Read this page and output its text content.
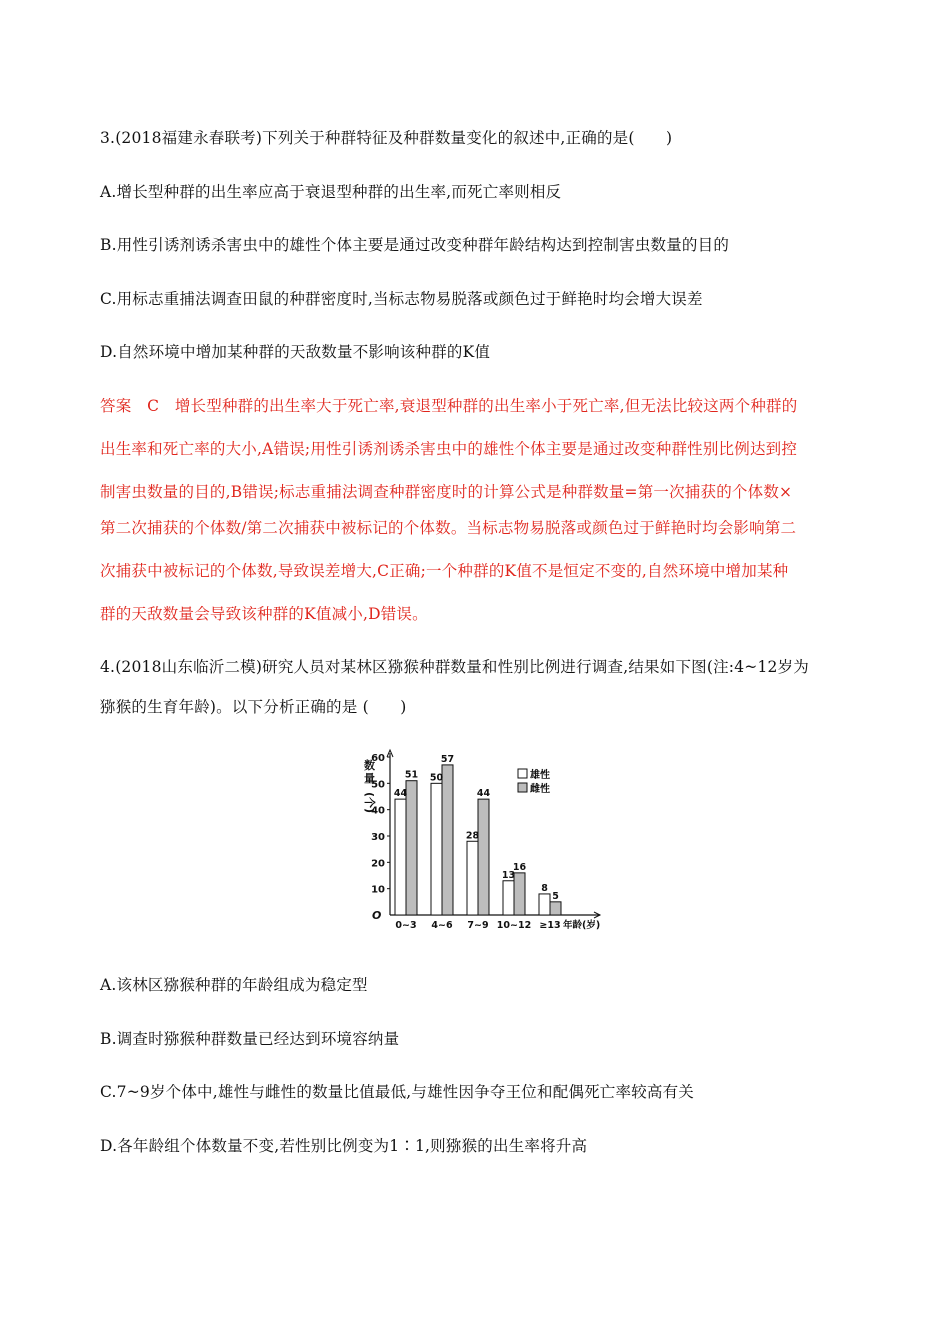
3.(2018福建永春联考)下列关于种群特征及种群数量变化的叙述中,正确的是(　　)
A.增长型种群的出生率应高于衰退型种群的出生率,而死亡率则相反
B.用性引诱剂诱杀害虫中的雄性个体主要是通过改变种群年龄结构达到控制害虫数量的目的
C.用标志重捕法调查田鼠的种群密度时,当标志物易脱落或颜色过于鲜艳时均会增大误差
D.自然环境中增加某种群的天敌数量不影响该种群的K值
答案　C　增长型种群的出生率大于死亡率,衰退型种群的出生率小于死亡率,但无法比较这两个种群的
出生率和死亡率的大小,A错误;用性引诱剂诱杀害虫中的雄性个体主要是通过改变种群性别比例达到控
制害虫数量的目的,B错误;标志重捕法调查种群密度时的计算公式是种群数量=第一次捕获的个体数×
第二次捕获的个体数/第二次捕获中被标记的个体数。当标志物易脱落或颜色过于鲜艳时均会影响第二
次捕获中被标记的个体数,导致误差增大,C正确;一个种群的K值不是恒定不变的,自然环境中增加某种
群的天敌数量会导致该种群的K值减小,D错误。
4.(2018山东临沂二模)研究人员对某林区猕猴种群数量和性别比例进行调查,结果如下图(注:4~12岁为
猕猴的生育年龄)。以下分析正确的是 (　　)
10
20
30
40
50
60
O
数
量
(个) 44
51
0~3
50
57
4~6
28
44
7~9
13
16
10~12
8
5
≥13 年龄(岁)
雄性
雌性
A.该林区猕猴种群的年龄组成为稳定型
B.调查时猕猴种群数量已经达到环境容纳量
C.7~9岁个体中,雄性与雌性的数量比值最低,与雄性因争夺王位和配偶死亡率较高有关
D.各年龄组个体数量不变,若性别比例变为1∶1,则猕猴的出生率将升高
